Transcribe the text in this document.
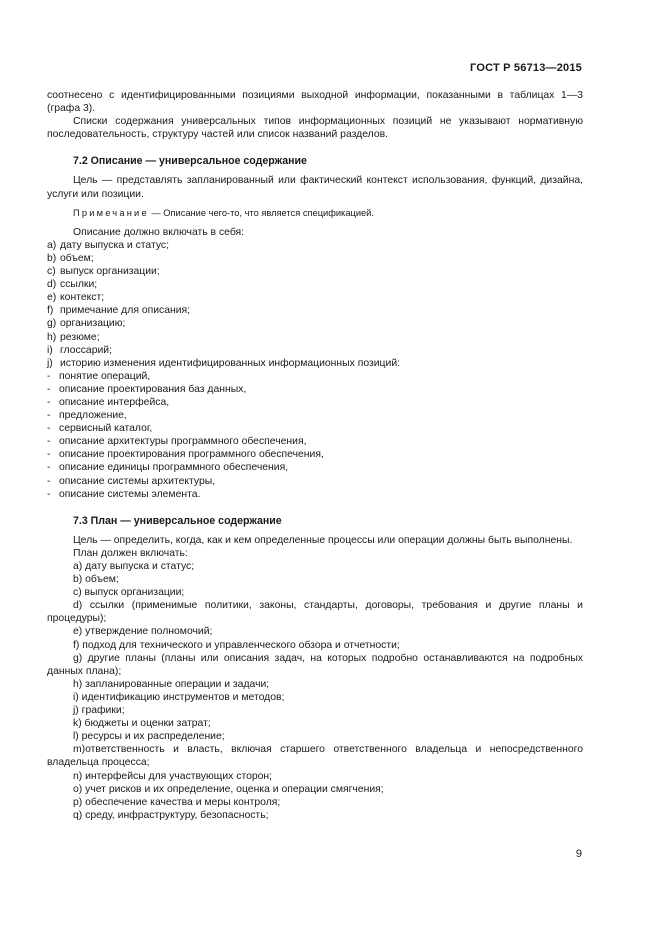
ГОСТ Р 56713—2015

соотнесено с идентифицированными позициями выходной информации, показанными в таблицах 1—3 (графа 3).

Списки содержания универсальных типов информационных позиций не указывают нормативную последовательность, структуру частей или список названий разделов.

7.2 Описание — универсальное содержание

Цель — представлять запланированный или фактический контекст использования, функций, дизайна, услуги или позиции.

Примечание — Описание чего-то, что является спецификацией.

Описание должно включать в себя:

a) дату выпуска и статус;

b) объем;

c) выпуск организации;

d) ссылки;

e) контекст;

f) примечание для описания;

g) организацию;

h) резюме;

i) глоссарий;

j) историю изменения идентифицированных информационных позиций:

- понятие операций,

- описание проектирования баз данных,

- описание интерфейса,

- предложение,

- сервисный каталог,

- описание архитектуры программного обеспечения,

- описание проектирования программного обеспечения,

- описание единицы программного обеспечения,

- описание системы архитектуры,

- описание системы элемента.

7.3 План — универсальное содержание

Цель — определить, когда, как и кем определенные процессы или операции должны быть выполнены.

План должен включать:

a) дату выпуска и статус;

b) объем;

c) выпуск организации;

d) ссылки (применимые политики, законы, стандарты, договоры, требования и другие планы и процедуры);

e) утверждение полномочий;

f) подход для технического и управленческого обзора и отчетности;

g) другие планы (планы или описания задач, на которых подробно останавливаются на подробных данных плана);

h) запланированные операции и задачи;

i) идентификацию инструментов и методов;

j) графики;

k) бюджеты и оценки затрат;

l) ресурсы и их распределение;

m)ответственность и власть, включая старшего ответственного владельца и непосредственного владельца процесса;

n) интерфейсы для участвующих сторон;

o) учет рисков и их определение, оценка и операции смягчения;

p) обеспечение качества и меры контроля;

q) среду, инфраструктуру, безопасность;

9
